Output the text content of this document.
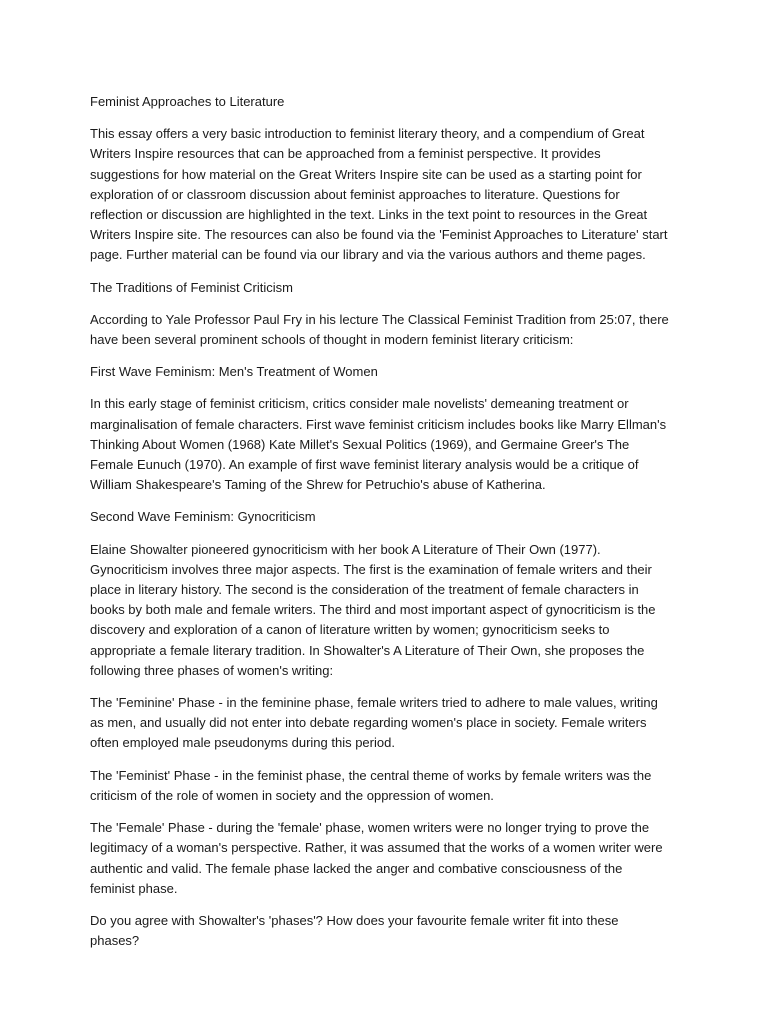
Feminist Approaches to Literature

This essay offers a very basic introduction to feminist literary theory, and a compendium of Great Writers Inspire resources that can be approached from a feminist perspective. It provides suggestions for how material on the Great Writers Inspire site can be used as a starting point for exploration of or classroom discussion about feminist approaches to literature. Questions for reflection or discussion are highlighted in the text. Links in the text point to resources in the Great Writers Inspire site. The resources can also be found via the 'Feminist Approaches to Literature' start page. Further material can be found via our library and via the various authors and theme pages.

The Traditions of Feminist Criticism

According to Yale Professor Paul Fry in his lecture The Classical Feminist Tradition from 25:07, there have been several prominent schools of thought in modern feminist literary criticism:

First Wave Feminism: Men's Treatment of Women

In this early stage of feminist criticism, critics consider male novelists' demeaning treatment or marginalisation of female characters. First wave feminist criticism includes books like Marry Ellman's Thinking About Women (1968) Kate Millet's Sexual Politics (1969), and Germaine Greer's The Female Eunuch (1970). An example of first wave feminist literary analysis would be a critique of William Shakespeare's Taming of the Shrew for Petruchio's abuse of Katherina.

Second Wave Feminism: Gynocriticism

Elaine Showalter pioneered gynocriticism with her book A Literature of Their Own (1977). Gynocriticism involves three major aspects. The first is the examination of female writers and their place in literary history. The second is the consideration of the treatment of female characters in books by both male and female writers. The third and most important aspect of gynocriticism is the discovery and exploration of a canon of literature written by women; gynocriticism seeks to appropriate a female literary tradition. In Showalter's A Literature of Their Own, she proposes the following three phases of women's writing:

The 'Feminine' Phase - in the feminine phase, female writers tried to adhere to male values, writing as men, and usually did not enter into debate regarding women's place in society. Female writers often employed male pseudonyms during this period.

The 'Feminist' Phase - in the feminist phase, the central theme of works by female writers was the criticism of the role of women in society and the oppression of women.

The 'Female' Phase - during the 'female' phase, women writers were no longer trying to prove the legitimacy of a woman's perspective. Rather, it was assumed that the works of a women writer were authentic and valid. The female phase lacked the anger and combative consciousness of the feminist phase.

Do you agree with Showalter's 'phases'? How does your favourite female writer fit into these phases?
